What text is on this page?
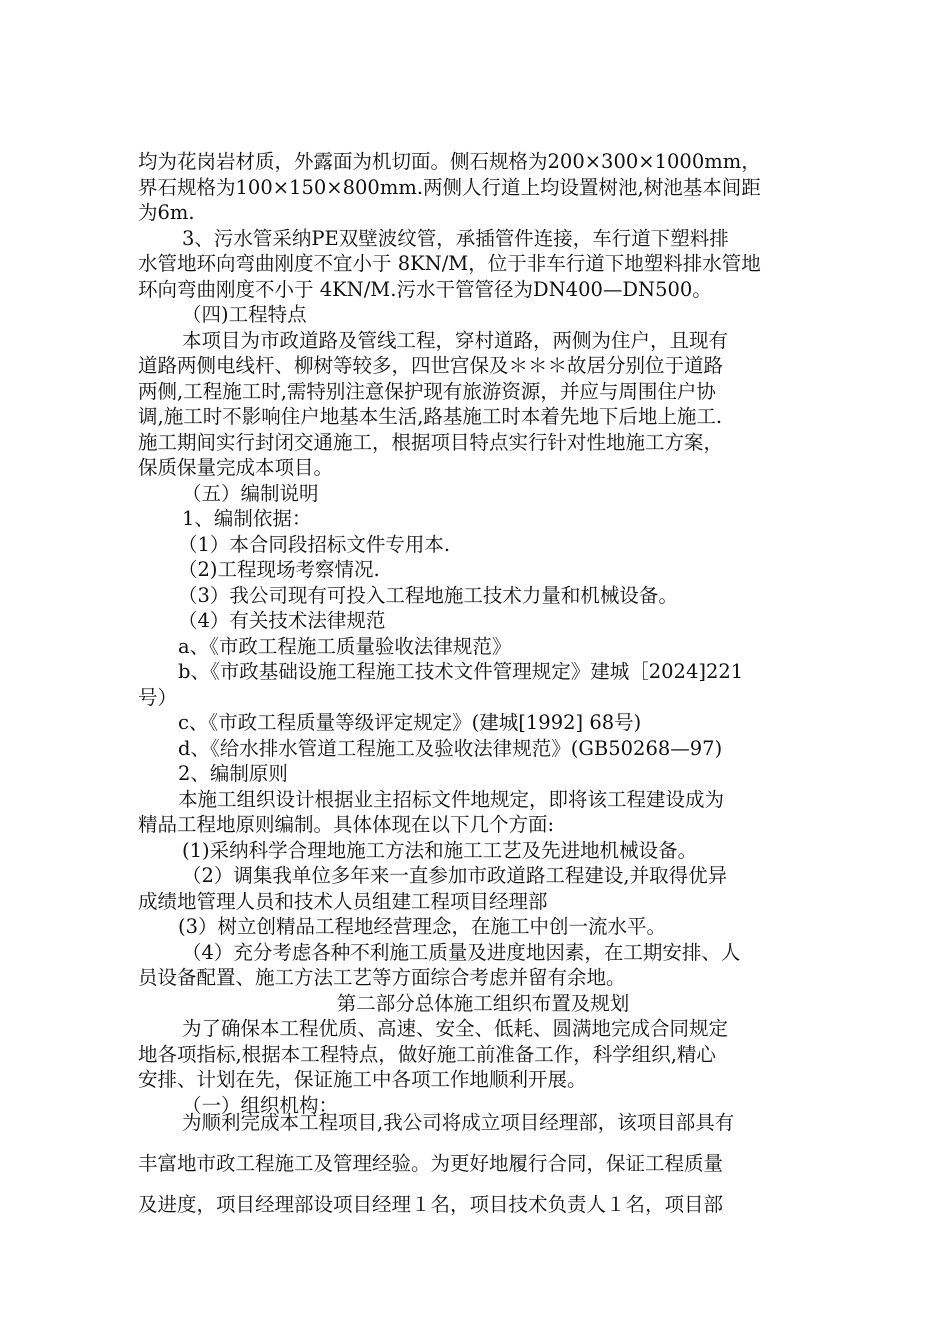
均为花岗岩材质，外露面为机切面。侧石规格为200×300×1000mm，
界石规格为100×150×800mm.两侧人行道上均设置树池,树池基本间距
为6m.
3、污水管采纳PE双壁波纹管，承插管件连接，车行道下塑料排
水管地环向弯曲刚度不宜小于 8KN/M，位于非车行道下地塑料排水管地
环向弯曲刚度不小于 4KN/M.污水干管管径为DN400—DN500。
（四)工程特点
本项目为市政道路及管线工程，穿村道路，两侧为住户，且现有
道路两侧电线杆、柳树等较多，四世宫保及＊＊＊故居分别位于道路
两侧,工程施工时,需特别注意保护现有旅游资源，并应与周围住户协
调,施工时不影响住户地基本生活,路基施工时本着先地下后地上施工.
施工期间实行封闭交通施工，根据项目特点实行针对性地施工方案，
保质保量完成本项目。
（五）编制说明
1、编制依据：
（1）本合同段招标文件专用本.
（2)工程现场考察情况.
（3）我公司现有可投入工程地施工技术力量和机械设备。
（4）有关技术法律规范
a、《市政工程施工质量验收法律规范》
b、《市政基础设施工程施工技术文件管理规定》建城［2024]221
号）
c、《市政工程质量等级评定规定》(建城[1992] 68号)
d、《给水排水管道工程施工及验收法律规范》(GB50268—97)
2、编制原则
本施工组织设计根据业主招标文件地规定，即将该工程建设成为
精品工程地原则编制。具体体现在以下几个方面:
(1)采纳科学合理地施工方法和施工工艺及先进地机械设备。
（2）调集我单位多年来一直参加市政道路工程建设,并取得优异
成绩地管理人员和技术人员组建工程项目经理部
(3）树立创精品工程地经营理念，在施工中创一流水平。
（4）充分考虑各种不利施工质量及进度地因素，在工期安排、人
员设备配置、施工方法工艺等方面综合考虑并留有余地。
第二部分总体施工组织布置及规划
为了确保本工程优质、高速、安全、低耗、圆满地完成合同规定
地各项指标,根据本工程特点，做好施工前准备工作，科学组织,精心
安排、计划在先，保证施工中各项工作地顺利开展。
（一）组织机构：
为顺利完成本工程项目,我公司将成立项目经理部，该项目部具有
丰富地市政工程施工及管理经验。为更好地履行合同，保证工程质量
及进度，项目经理部设项目经理１名，项目技术负责人１名，项目部
